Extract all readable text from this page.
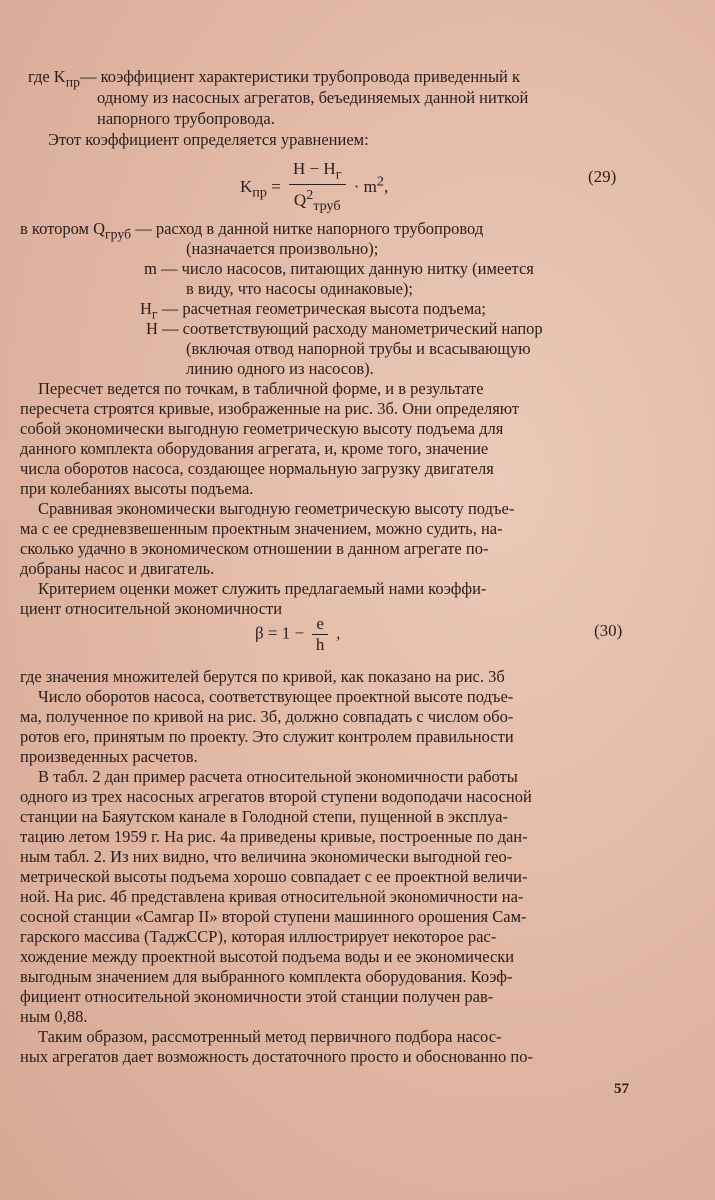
где $K_{пр}—$ коэффициент характеристики трубопровода приведенный к
одному из насосных агрегатов, беъединяемых данной ниткой
напорного трубопровода.
Этот коэффициент определяется уравнением:
$K_{пр} = \frac{H - H_г}{Q^2_{труб}} \cdot m^2$,
(29)
в котором $Q_{груб}$ — расход в данной нитке напорного трубопровод
(назначается произвольно);
m — число насосов, питающих данную нитку (имеется
в виду, что насосы одинаковые);
$H_г$ — расчетная геометрическая высота подъема;
H — соответствующий расходу манометрический напор
(включая отвод напорной трубы и всасывающую
линию одного из насосов).
Пересчет ведется по точкам, в табличной форме, и в результате
пересчета строятся кривые, изображенные на рис. 3б. Они определяют
собой экономически выгодную геометрическую высоту подъема для
данного комплекта оборудования агрегата, и, кроме того, значение
числа оборотов насоса, создающее нормальную загрузку двигателя
при колебаниях высоты подъема.
Сравнивая экономически выгодную геометрическую высоту подъе-
ма с ее средневзвешенным проектным значением, можно судить, на-
сколько удачно в экономическом отношении в данном агрегате по-
добраны насос и двигатель.
Критерием оценки может служить предлагаемый нами коэффи-
циент относительной экономичности
$\beta = 1 - \frac{e}{h}$ ,	(30)
где значения множителей берутся по кривой, как показано на рис. 3б
Число оборотов насоса, соответствующее проектной высоте подъе-
ма, полученное по кривой на рис. 3б, должно совпадать с числом обо-
ротов его, принятым по проекту. Это служит контролем правильности
произведенных расчетов.
В табл. 2 дан пример расчета относительной экономичности работы
одного из трех насосных агрегатов второй ступени водоподачи насосной
станции на Баяутском канале в Голодной степи, пущенной в эксплуа-
тацию летом 1959 г. На рис. 4а приведены кривые, построенные по дан-
ным табл. 2. Из них видно, что величина экономически выгодной гео-
метрической высоты подъема хорошо совпадает с ее проектной величи-
ной. На рис. 4б представлена кривая относительной экономичности на-
сосной станции «Самгар II» второй ступени машинного орошения Сам-
гарского массива (ТаджССР), которая иллюстрирует некоторое рас-
хождение между проектной высотой подъема воды и ее экономически
выгодным значением для выбранного комплекта оборудования. Коэф-
фициент относительной экономичности этой станции получен рав-
ным 0,88.
Таким образом, рассмотренный метод первичного подбора насос-
ных агрегатов дает возможность достаточного просто и обоснованно по-
57
